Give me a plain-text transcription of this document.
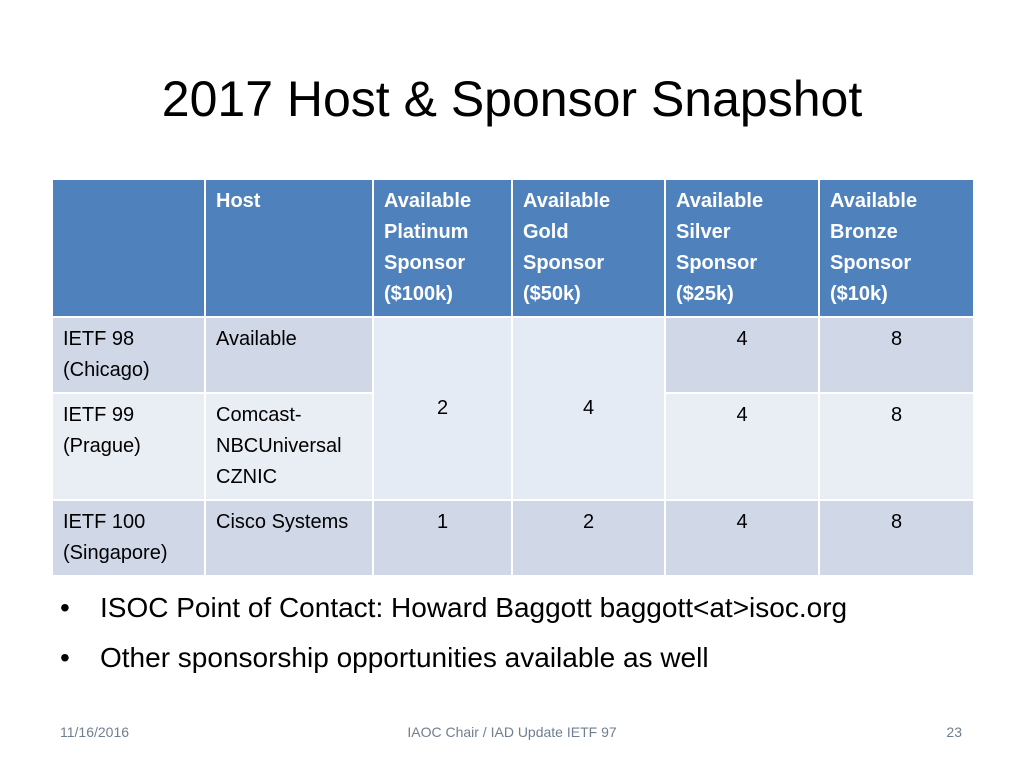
2017 Host & Sponsor Snapshot
	Host	Available Platinum Sponsor ($100k)	Available Gold Sponsor ($50k)	Available Silver Sponsor ($25k)	Available Bronze Sponsor ($10k)
IETF 98 (Chicago)	Available	2	4	4	8
IETF 99 (Prague)	Comcast-NBCUniversal CZNIC			4	8
IETF 100 (Singapore)	Cisco Systems	1	2	4	8
• ISOC Point of Contact: Howard Baggott baggott<at>isoc.org
• Other sponsorship opportunities available as well
11/16/2016	IAOC Chair / IAD Update IETF 97	23
